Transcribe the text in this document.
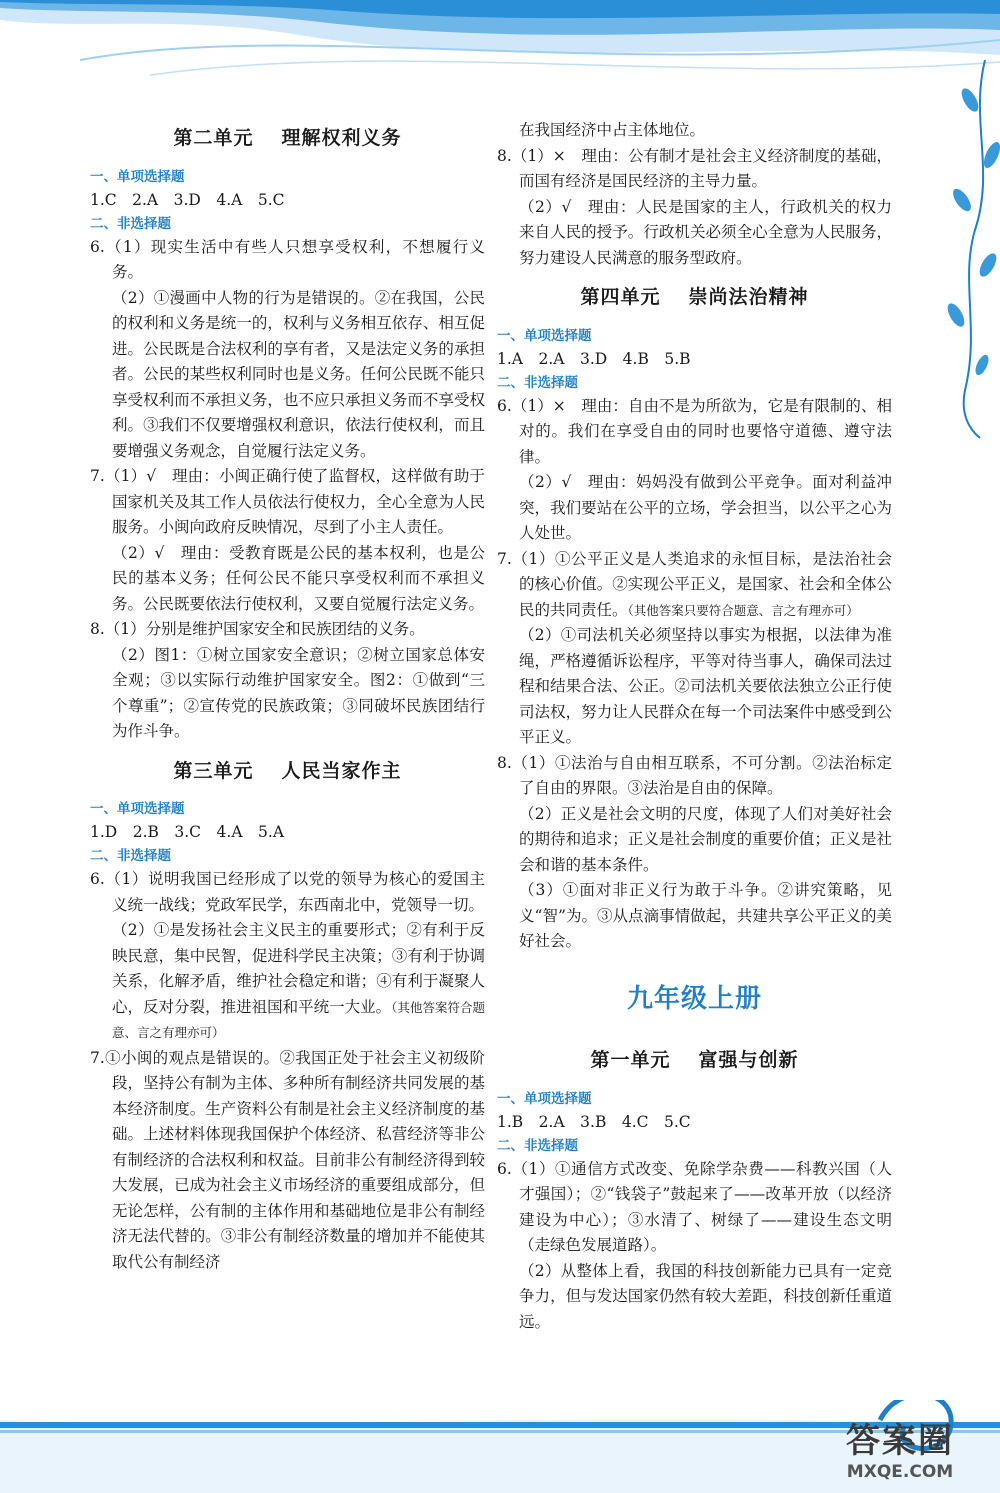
第二单元 理解权利义务
一、单项选择题
1.C　2.A　3.D　4.A　5.C
二、非选择题
6.（1）现实生活中有些人只想享受权利，不想履行义务。
（2）①漫画中人物的行为是错误的。②在我国，公民的权利和义务是统一的，权利与义务相互依存、相互促进。公民既是合法权利的享有者，又是法定义务的承担者。公民的某些权利同时也是义务。任何公民既不能只享受权利而不承担义务，也不应只承担义务而不享受权利。③我们不仅要增强权利意识，依法行使权利，而且要增强义务观念，自觉履行法定义务。
7.（1）√　理由：小闽正确行使了监督权，这样做有助于国家机关及其工作人员依法行使权力，全心全意为人民服务。小闽向政府反映情况，尽到了小主人责任。
（2）√　理由：受教育既是公民的基本权利，也是公民的基本义务；任何公民不能只享受权利而不承担义务。公民既要依法行使权利，又要自觉履行法定义务。
8.（1）分别是维护国家安全和民族团结的义务。
（2）图1：①树立国家安全意识；②树立国家总体安全观；③以实际行动维护国家安全。图2：①做到“三个尊重”；②宣传党的民族政策；③同破坏民族团结行为作斗争。
第三单元 人民当家作主
一、单项选择题
1.D　2.B　3.C　4.A　5.A
二、非选择题
6.（1）说明我国已经形成了以党的领导为核心的爱国主义统一战线；党政军民学，东西南北中，党领导一切。
（2）①是发扬社会主义民主的重要形式；②有利于反映民意，集中民智，促进科学民主决策；③有利于协调关系，化解矛盾，维护社会稳定和谐；④有利于凝聚人心，反对分裂，推进祖国和平统一大业。（其他答案符合题意、言之有理亦可）
7.①小闽的观点是错误的。②我国正处于社会主义初级阶段，坚持公有制为主体、多种所有制经济共同发展的基本经济制度。生产资料公有制是社会主义经济制度的基础。上述材料体现我国保护个体经济、私营经济等非公有制经济的合法权利和权益。目前非公有制经济得到较大发展，已成为社会主义市场经济的重要组成部分，但无论怎样，公有制的主体作用和基础地位是非公有制经济无法代替的。③非公有制经济数量的增加并不能使其取代公有制经济
在我国经济中占主体地位。
8.（1）×　理由：公有制才是社会主义经济制度的基础，而国有经济是国民经济的主导力量。
（2）√　理由：人民是国家的主人，行政机关的权力来自人民的授予。行政机关必须全心全意为人民服务，努力建设人民满意的服务型政府。
第四单元 崇尚法治精神
一、单项选择题
1.A　2.A　3.D　4.B　5.B
二、非选择题
6.（1）×　理由：自由不是为所欲为，它是有限制的、相对的。我们在享受自由的同时也要恪守道德、遵守法律。
（2）√　理由：妈妈没有做到公平竞争。面对利益冲突，我们要站在公平的立场，学会担当，以公平之心为人处世。
7.（1）①公平正义是人类追求的永恒目标，是法治社会的核心价值。②实现公平正义，是国家、社会和全体公民的共同责任。（其他答案只要符合题意、言之有理亦可）
（2）①司法机关必须坚持以事实为根据，以法律为准绳，严格遵循诉讼程序，平等对待当事人，确保司法过程和结果合法、公正。②司法机关要依法独立公正行使司法权，努力让人民群众在每一个司法案件中感受到公平正义。
8.（1）①法治与自由相互联系，不可分割。②法治标定了自由的界限。③法治是自由的保障。
（2）正义是社会文明的尺度，体现了人们对美好社会的期待和追求；正义是社会制度的重要价值；正义是社会和谐的基本条件。
（3）①面对非正义行为敢于斗争。②讲究策略，见义“智”为。③从点滴事情做起，共建共享公平正义的美好社会。
九年级上册
第一单元 富强与创新
一、单项选择题
1.B　2.A　3.B　4.C　5.C
二、非选择题
6.（1）①通信方式改变、免除学杂费——科教兴国（人才强国）；②“钱袋子”鼓起来了——改革开放（以经济建设为中心）；③水清了、树绿了——建设生态文明（走绿色发展道路）。
（2）从整体上看，我国的科技创新能力已具有一定竞争力，但与发达国家仍然有较大差距，科技创新任重道远。
答案圈
MXQE.COM
